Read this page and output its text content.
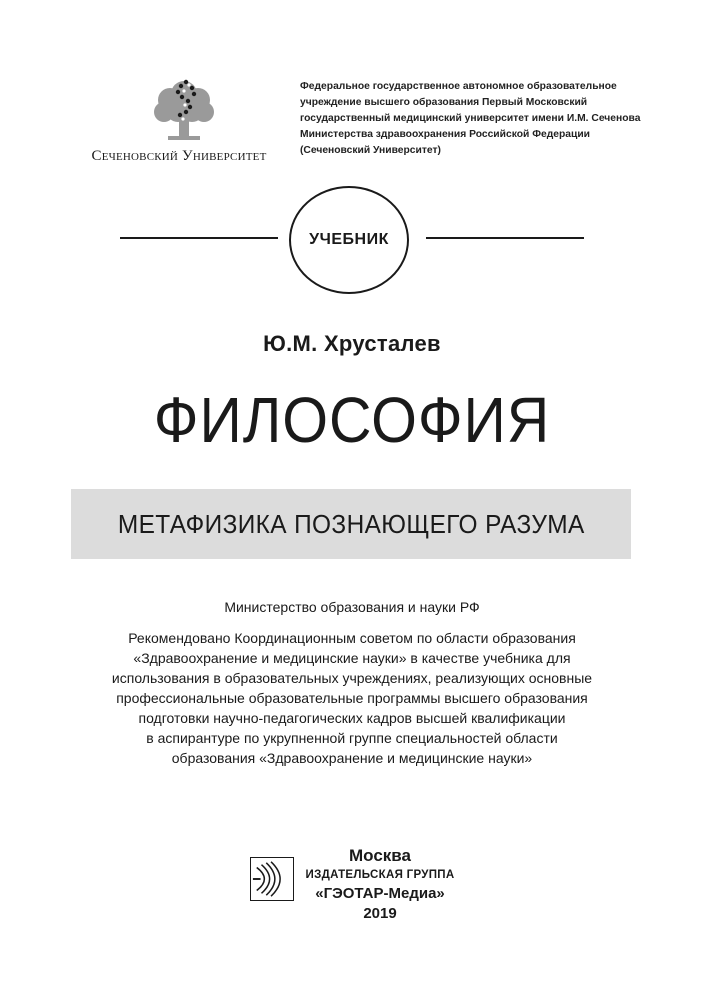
Сеченовский Университет
Федеральное государственное автономное образовательное
учреждение высшего образования Первый Московский
государственный медицинский университет имени И.М. Сеченова
Министерства здравоохранения Российской Федерации
(Сеченовский Университет)
УЧЕБНИК
Ю.М. Хрусталев
ФИЛОСОФИЯ
МЕТАФИЗИКА ПОЗНАЮЩЕГО РАЗУМА
Министерство образования и науки РФ
Рекомендовано Координационным советом по области образования
«Здравоохранение и медицинские науки» в качестве учебника для
использования в образовательных учреждениях, реализующих основные
профессиональные образовательные программы высшего образования
подготовки научно-педагогических кадров высшей квалификации
в аспирантуре по укрупненной группе специальностей области
образования «Здравоохранение и медицинские науки»
Москва
ИЗДАТЕЛЬСКАЯ ГРУППА
«ГЭОТАР-Медиа»
2019
